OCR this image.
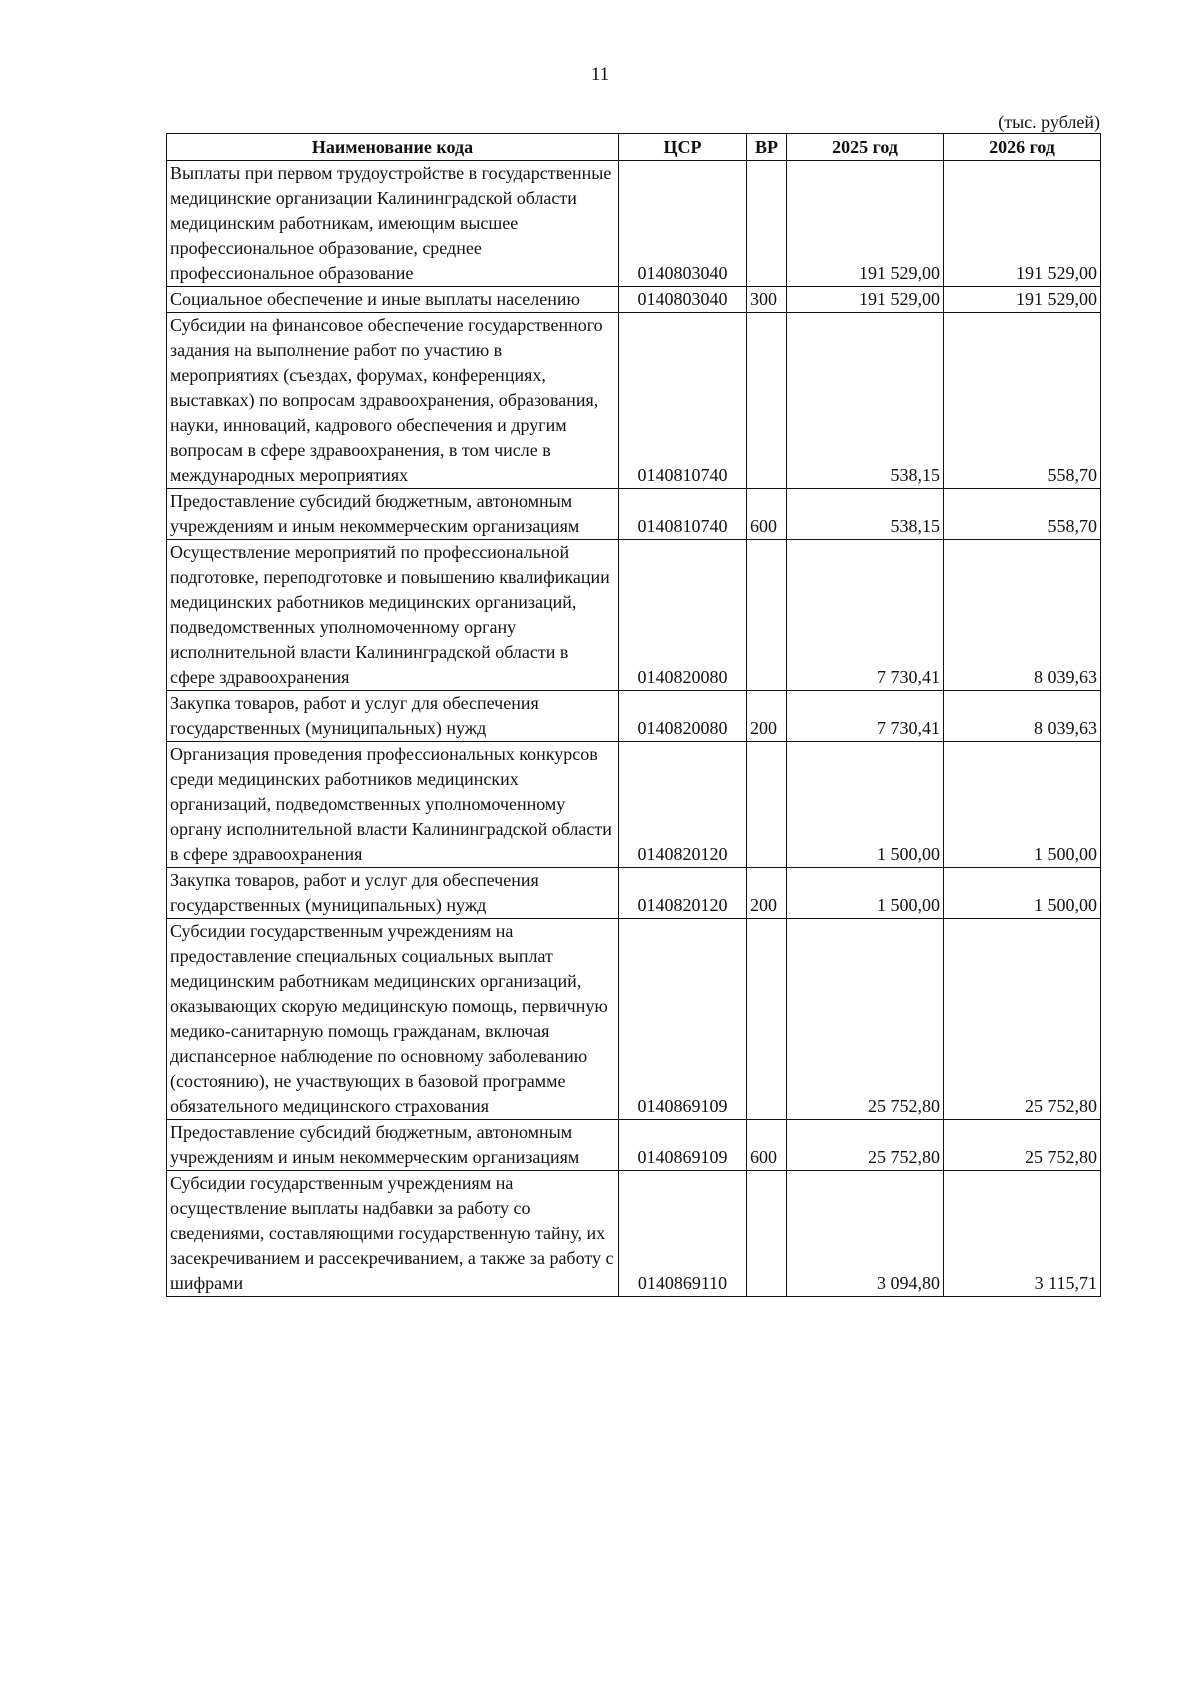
11
(тыс. рублей)
Наименование кода	ЦСР	ВР	2025 год	2026 год
Выплаты при первом трудоустройстве в государственные медицинские организации Калининградской области медицинским работникам, имеющим высшее профессиональное образование, среднее профессиональное образование	0140803040		191 529,00	191 529,00
Социальное обеспечение и иные выплаты населению	0140803040	300	191 529,00	191 529,00
Субсидии на финансовое обеспечение государственного задания на выполнение работ по участию в мероприятиях (съездах, форумах, конференциях, выставках) по вопросам здравоохранения, образования, науки, инноваций, кадрового обеспечения и другим вопросам в сфере здравоохранения, в том числе в международных мероприятиях	0140810740		538,15	558,70
Предоставление субсидий бюджетным, автономным учреждениям и иным некоммерческим организациям	0140810740	600	538,15	558,70
Осуществление мероприятий по профессиональной подготовке, переподготовке и повышению квалификации медицинских работников медицинских организаций, подведомственных уполномоченному органу исполнительной власти Калининградской области в сфере здравоохранения	0140820080		7 730,41	8 039,63
Закупка товаров, работ и услуг для обеспечения государственных (муниципальных) нужд	0140820080	200	7 730,41	8 039,63
Организация проведения профессиональных конкурсов среди медицинских работников медицинских организаций, подведомственных уполномоченному органу исполнительной власти Калининградской области в сфере здравоохранения	0140820120		1 500,00	1 500,00
Закупка товаров, работ и услуг для обеспечения государственных (муниципальных) нужд	0140820120	200	1 500,00	1 500,00
Субсидии государственным учреждениям на предоставление специальных социальных выплат медицинским работникам медицинских организаций, оказывающих скорую медицинскую помощь, первичную медико-санитарную помощь гражданам, включая диспансерное наблюдение по основному заболеванию (состоянию), не участвующих в базовой программе обязательного медицинского страхования	0140869109		25 752,80	25 752,80
Предоставление субсидий бюджетным, автономным учреждениям и иным некоммерческим организациям	0140869109	600	25 752,80	25 752,80
Субсидии государственным учреждениям на осуществление выплаты надбавки за работу со сведениями, составляющими государственную тайну, их засекречиванием и рассекречиванием, а также за работу с шифрами	0140869110		3 094,80	3 115,71
